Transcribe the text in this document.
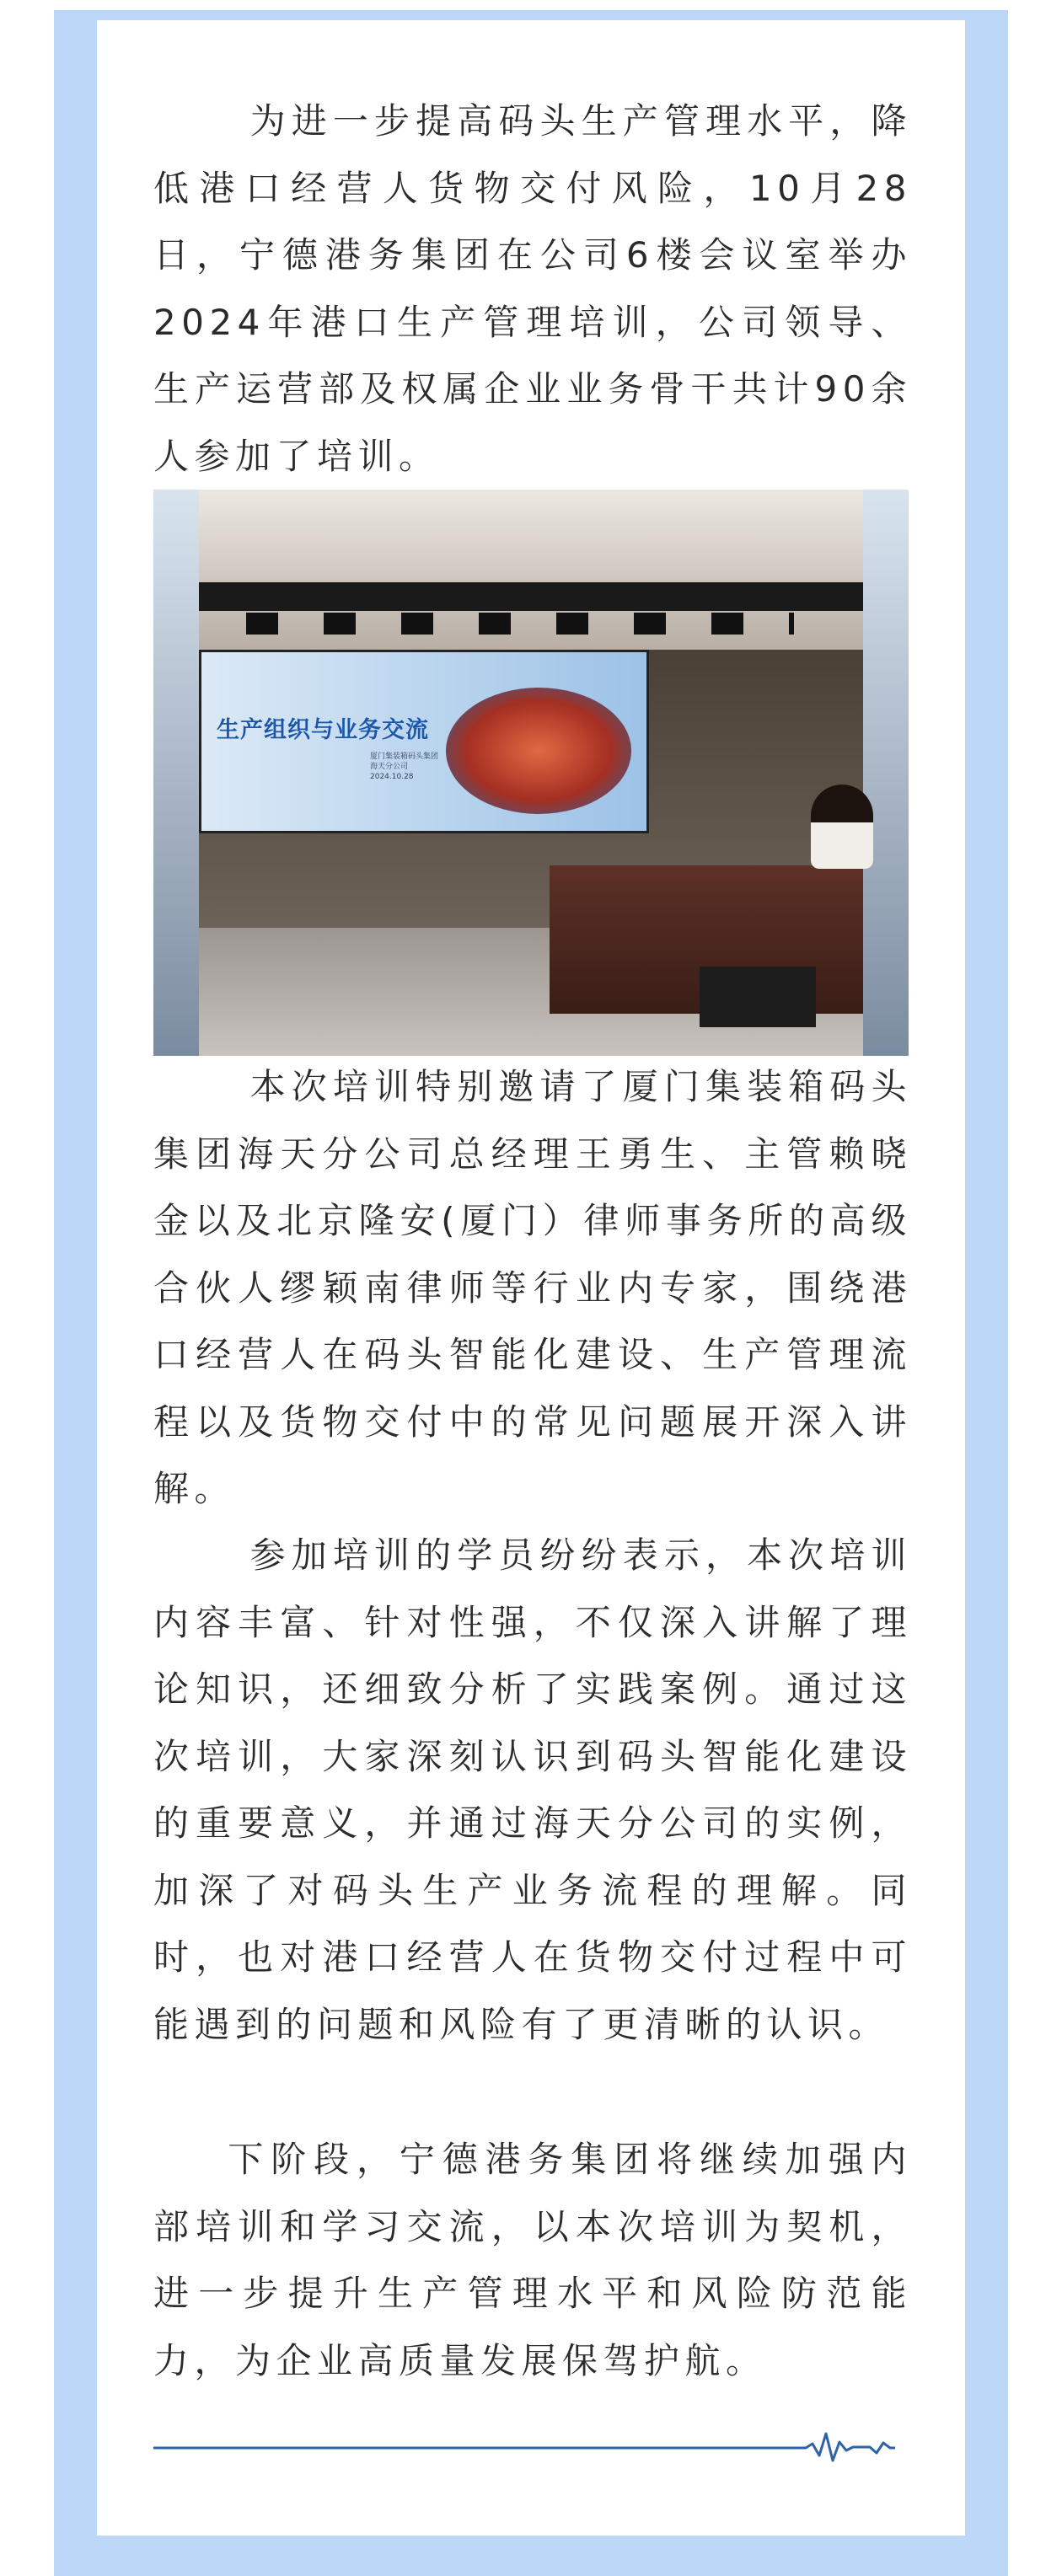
为进一步提高码头生产管理水平，降低港口经营人货物交付风险，10月28日，宁德港务集团在公司6楼会议室举办2024年港口生产管理培训，公司领导、生产运营部及权属企业业务骨干共计90余人参加了培训。

生产组织与业务交流
厦门集装箱码头集团
海天分公司
2024.10.28

本次培训特别邀请了厦门集装箱码头集团海天分公司总经理王勇生、主管赖晓金以及北京隆安(厦门）律师事务所的高级合伙人缪颖南律师等行业内专家，围绕港口经营人在码头智能化建设、生产管理流程以及货物交付中的常见问题展开深入讲解。

参加培训的学员纷纷表示，本次培训内容丰富、针对性强，不仅深入讲解了理论知识，还细致分析了实践案例。通过这次培训，大家深刻认识到码头智能化建设的重要意义，并通过海天分公司的实例，加深了对码头生产业务流程的理解。同时，也对港口经营人在货物交付过程中可能遇到的问题和风险有了更清晰的认识。

下阶段，宁德港务集团将继续加强内部培训和学习交流，以本次培训为契机，进一步提升生产管理水平和风险防范能力，为企业高质量发展保驾护航。
